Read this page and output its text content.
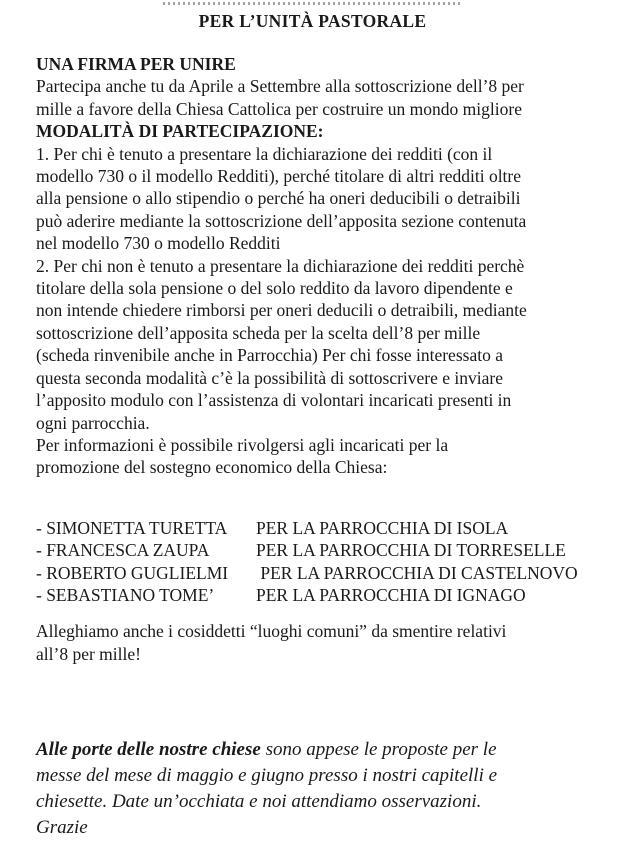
PER L’UNITÀ PASTORALE
UNA FIRMA PER UNIRE
Partecipa anche tu da Aprile a Settembre alla sottoscrizione dell’8 per
mille a favore della Chiesa Cattolica per costruire un mondo migliore
MODALITÀ DI PARTECIPAZIONE:
1. Per chi è tenuto a presentare la dichiarazione dei redditi (con il
modello 730 o il modello Redditi), perché titolare di altri redditi oltre
alla pensione o allo stipendio o perché ha oneri deducibili o detraibili
può aderire mediante la sottoscrizione dell’apposita sezione contenuta
nel modello 730 o modello Redditi
2. Per chi non è tenuto a presentare la dichiarazione dei redditi perchè
titolare della sola pensione o del solo reddito da lavoro dipendente e
non intende chiedere rimborsi per oneri deducili o detraibili, mediante
sottoscrizione dell’apposita scheda per la scelta dell’8 per mille
(scheda rinvenibile anche in Parrocchia) Per chi fosse interessato a
questa seconda modalità c’è la possibilità di sottoscrivere e inviare
l’apposito modulo con l’assistenza di volontari incaricati presenti in
ogni parrocchia.
Per informazioni è possibile rivolgersi agli incaricati per la
promozione del sostegno economico della Chiesa:
- SIMONETTA TURETTA PER LA PARROCCHIA DI ISOLA
- FRANCESCA ZAUPA	PER LA PARROCCHIA DI TORRESELLE
- ROBERTO GUGLIELMI PER LA PARROCCHIA DI CASTELNOVO
- SEBASTIANO TOME’ PER LA PARROCCHIA DI IGNAGO
Alleghiamo anche i cosiddetti “luoghi comuni” da smentire relativi
all’8 per mille!
Alle porte delle nostre chiese sono appese le proposte per le
messe del mese di maggio e giugno presso i nostri capitelli e
chiesette. Date un’occhiata e noi attendiamo osservazioni.
Grazie
